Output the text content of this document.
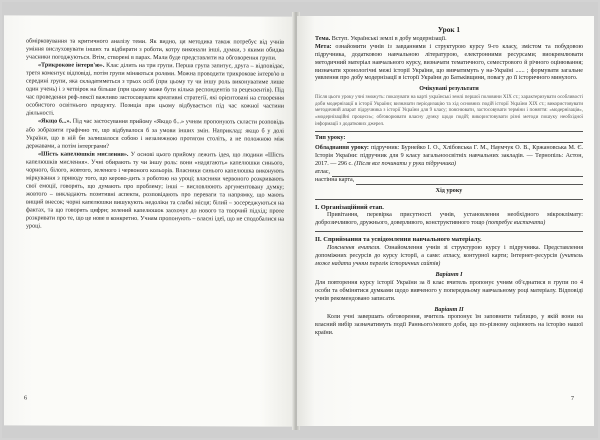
обмірковування та критичного аналізу теми. Як видно, ця методика також потребує від учнів уміння вислуховувати інших та відбирати з роботи, котру виконали інші, думки, з якими обидва учасники погоджуються. Втім, створені в парах. Мали буде представляти на обговорення групи.

«Трикрокове інтерв'ю». Клас ділить на три групи. Перша група запитує, друга – відповідає, третя коментує відповіді, потім групи міняються ролями. Можна проводити трикрокове інтерв'ю в середині групи, яка складатиметься з трьох осіб (при цьому ту чи іншу роль виконуватиме лише один учень) і з четвірок на більше (при цьому може бути кілька респондентів та рецензентів). Під час проведення реф-лексії важливо застосовувати креативні стратегії, які орієнтовані на створення особистого освітнього продукту. Позиція при цьому відбувається під час кожної частини діяльності.

«Якщо б...». Під час застосування прийому «Якщо б...» учням пропонують скласти розповідь або зобразити графічно те, що відбувалося б за умови інших змін. Наприклад: якщо б у долі України, що в ній би залишалося собою і незалежною протягом століть, а не положною між державами, а потім інтерграми?

«Шість капелюшків мислення». У основі цього прийому лежить ідея, що людини «Шість капелюшків мислення». Учні обирають ту чи іншу роль: вони «надягають» капелюшки синього, чорного, білого, жовтого, зеленого і червоного кольорів. Власники синього капелюшка виконують міркування з приводу того, що керово-дить з роботою на уроці; власники червоного розкривають свої емоції, говорять, що думають про проблему; інші – висловлюють аргументовану думку; жовтого – викладають позитивні аспекти, розповідають про переваги та напрямку, що мають вищий внесок; чорні капелюшки вишукують недоліки та слабкі місця; білий – зосереджуються на фактах, та що говорять цифри; зелений капелюшок заохочує до нового та творчий підхід; проте розкривати про те, що це нове в конкретно. Учням пропонують – власні ідеї, що не сподобалися на уроці.

6
Урок 1

Тема. Вступ. Українські землі в добу модернізації.

Мета: ознайомити учнів із завданнями і структурою курсу 9-го класу, змістом та побудовою підручника, додатковою навчальною літературою, електронними ресурсами; виокремлювати методичний матеріал навчального курсу, визначати тематичного, семестрового й річного оцінювання; визначати хронологічні межі історії України, що вивчатимуть у на-Україні ...... ; формувати загальне уявлення про добу модернізації в історії України до Батьківщини, повагу до її історичного минулого.

Очікувані результати

Після цього уроку учні зможуть: показувати на карті українські землі першої половини ХІХ ст.; характеризувати особливості доби модернізації в історії України; визначати періодизацію та хід основних подій історії України ХІХ ст.; використовувати методичний апарат підручника з історії України для 9 класу; пояснювати, застосовувати терміни і поняття: «модернізація», «модернізаційні процеси»; обговорювати власну думку щодо подій; використовувати різні методи пошуку необхідної інформації з додаткових джерел.

Тип уроку:

Обладнання уроку: підручник: Бурнейко І. О., Хлібовська Г. М., Наумчук О. В., Кржановська М. Є. Історія України: підручник для 9 класу загальноосвітніх навчальних закладів. — Тернопіль: Астон, 2017. — 296 с. (Після все починати у руки підручника)

атлас,
настінна карта,
Хід уроку
І. Організаційний етап.

Привітання, перевірка присутності учнів, установлення необхідного мікроклімату: доброзичливого, дружнього, доверливого, конструктивного тощо (потребує вистачати)

ІІ. Сприймання та усвідомлення навчального матеріалу.

Пояснення вчителя. Ознайомлення учнів зі структурою курсу і підручника. Представлення допоміжних ресурсів до курсу історії, а саме: атласу, контурної карти; Інтернет-ресурсів (учитель може надати учням перелік історичних сайтів)

Варіант І

Для повторення курсу історії України за 8 клас вчитель пропонує учням об'єднатися в групи по 4 особи та обмінятися думками щодо вивченого у попередньому навчальному році матеріалу. Відповіді учнів рекомендовано записати.

Варіант ІІ

Коли учні завершать обговорення, вчитель пропонує їм заповнити таблицю, у якій вони на власний вибір зазначатимуть події Раннього/нового доби, що по-різному оцінюють на історію нашої країни.

7
